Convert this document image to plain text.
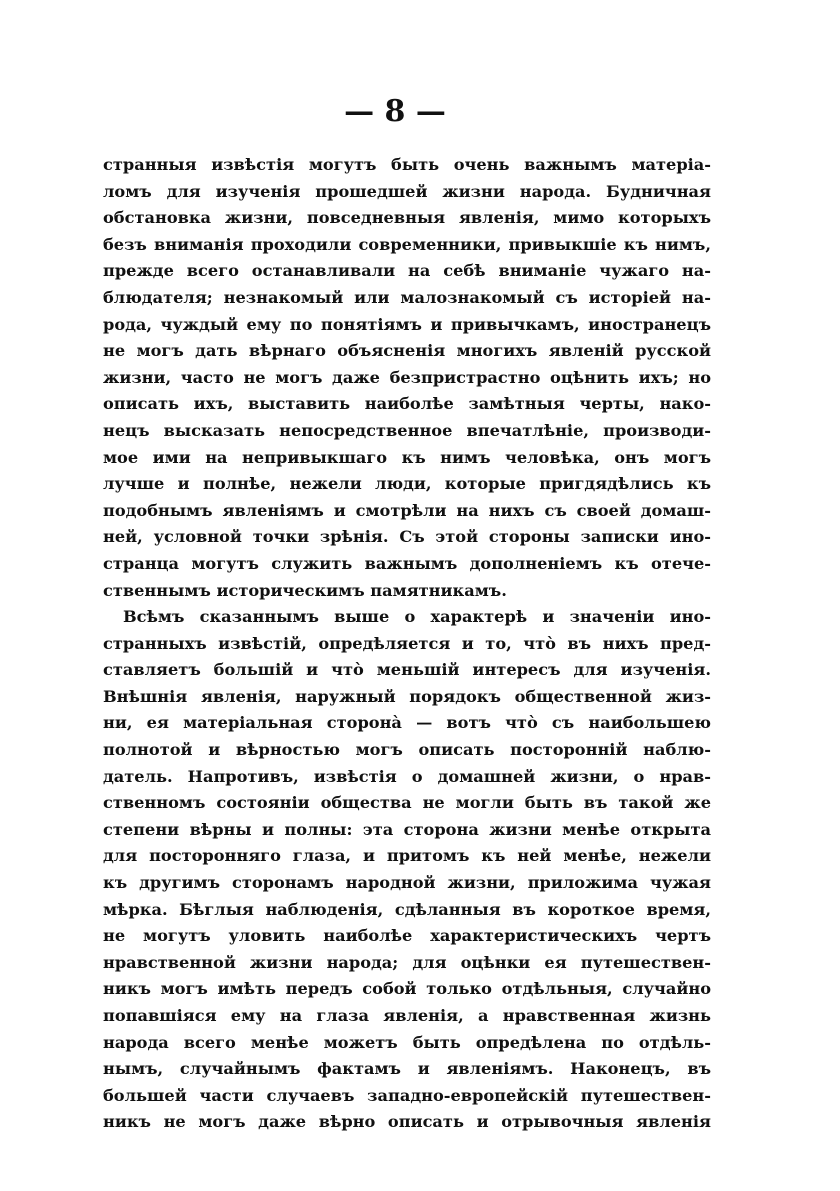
— 8 —
странныя извѣстія могутъ быть очень важнымъ матеріа-
ломъ для изученія прошедшей жизни народа. Будничная
обстановка жизни, повседневныя явленія, мимо которыхъ
безъ вниманія проходили современники, привыкшіе къ нимъ,
прежде всего останавливали на себѣ вниманіе чужаго на-
блюдателя; незнакомый или малознакомый съ исторіей на-
рода, чуждый ему по понятіямъ и привычкамъ, иностранецъ
не могъ дать вѣрнаго объясненія многихъ явленій русской
жизни, часто не могъ даже безпристрастно оцѣнить ихъ; но
описать ихъ, выставить наиболѣе замѣтныя черты, нако-
нецъ высказать непосредственное впечатлѣніе, производи-
мое ими на непривыкшаго къ нимъ человѣка, онъ могъ
лучше и полнѣе, нежели люди, которые пригдядѣлись къ
подобнымъ явленіямъ и смотрѣли на нихъ съ своей домаш-
ней, условной точки зрѣнія. Съ этой стороны записки ино-
странца могутъ служить важнымъ дополненіемъ къ отече-
ственнымъ историческимъ памятникамъ.
Всѣмъ сказаннымъ выше о характерѣ и значеніи ино-
странныхъ извѣстій, опредѣляется и то, что̀ въ нихъ пред-
ставляетъ большій и что̀ меньшій интересъ для изученія.
Внѣшнія явленія, наружный порядокъ общественной жиз-
ни, ея матеріальная сторона̀ — вотъ что̀ съ наибольшею
полнотой и вѣрностью могъ описать посторонній наблю-
датель. Напротивъ, извѣстія о домашней жизни, о нрав-
ственномъ состояніи общества не могли быть въ такой же
степени вѣрны и полны: эта сторона жизни менѣе открыта
для посторонняго глаза, и притомъ къ ней менѣе, нежели
къ другимъ сторонамъ народной жизни, приложима чужая
мѣрка. Бѣглыя наблюденія, сдѣланныя въ короткое время,
не могутъ уловить наиболѣе характеристическихъ чертъ
нравственной жизни народа; для оцѣнки ея путешествен-
никъ могъ имѣть передъ собой только отдѣльныя, случайно
попавшіяся ему на глаза явленія, а нравственная жизнь
народа всего менѣе можетъ быть опредѣлена по отдѣль-
нымъ, случайнымъ фактамъ и явленіямъ. Наконецъ, въ
большей части случаевъ западно-европейскій путешествен-
никъ не могъ даже вѣрно описать и отрывочныя явленія
